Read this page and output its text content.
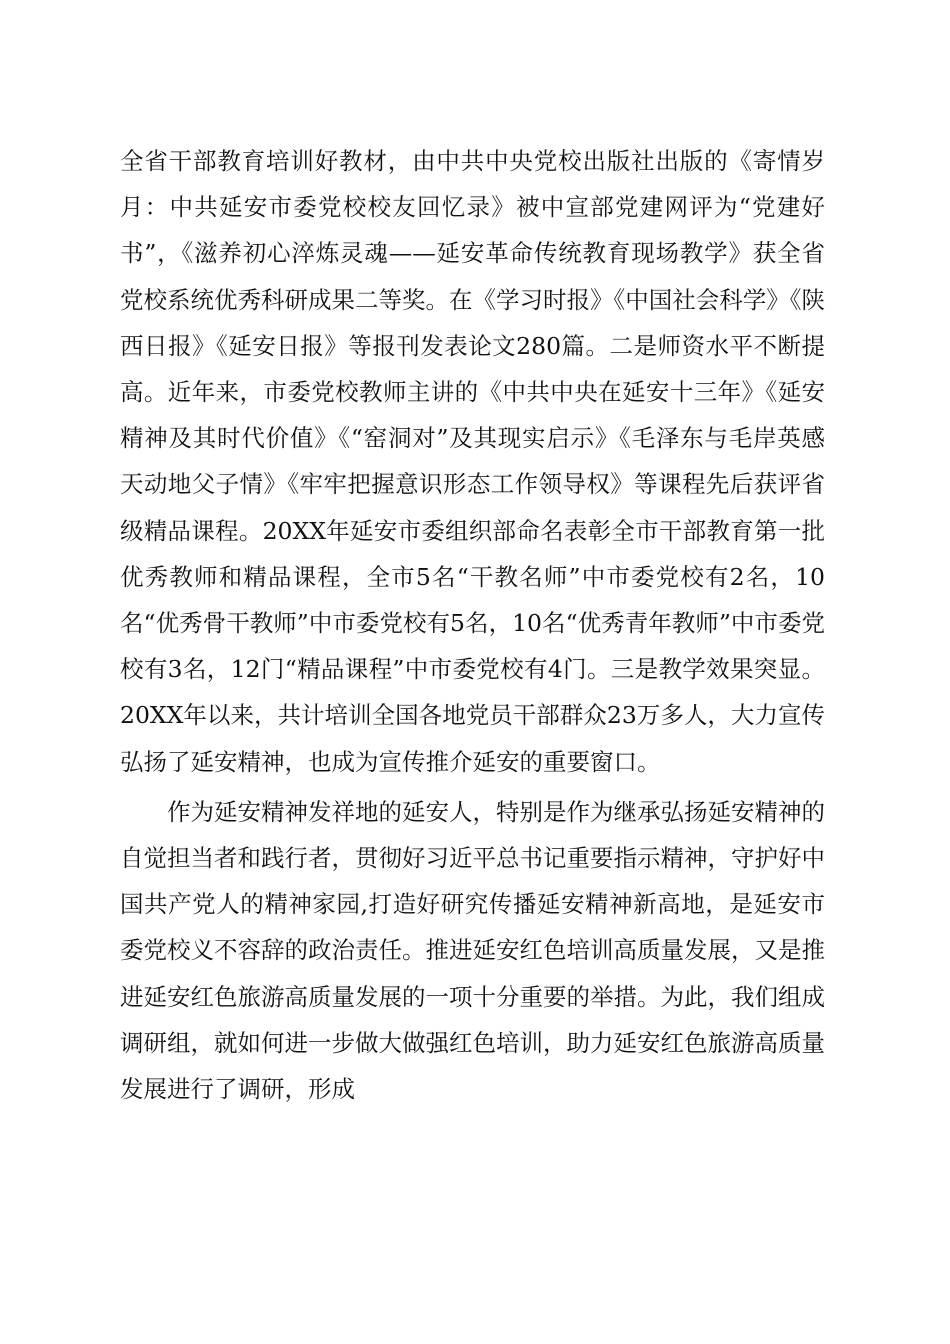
全省干部教育培训好教材，由中共中央党校出版社出版的《寄情岁月：中共延安市委党校校友回忆录》被中宣部党建网评为“党建好书”，《滋养初心淬炼灵魂——延安革命传统教育现场教学》获全省党校系统优秀科研成果二等奖。在《学习时报》《中国社会科学》《陕西日报》《延安日报》等报刊发表论文280篇。二是师资水平不断提高。近年来，市委党校教师主讲的《中共中央在延安十三年》《延安精神及其时代价值》《“窑洞对”及其现实启示》《毛泽东与毛岸英感天动地父子情》《牢牢把握意识形态工作领导权》等课程先后获评省级精品课程。20XX年延安市委组织部命名表彰全市干部教育第一批优秀教师和精品课程，全市5名“干教名师”中市委党校有2名，10名“优秀骨干教师”中市委党校有5名，10名“优秀青年教师”中市委党校有3名，12门“精品课程”中市委党校有4门。三是教学效果突显。20XX年以来，共计培训全国各地党员干部群众23万多人，大力宣传弘扬了延安精神，也成为宣传推介延安的重要窗口。

作为延安精神发祥地的延安人，特别是作为继承弘扬延安精神的自觉担当者和践行者，贯彻好习近平总书记重要指示精神，守护好中国共产党人的精神家园,打造好研究传播延安精神新高地，是延安市委党校义不容辞的政治责任。推进延安红色培训高质量发展，又是推进延安红色旅游高质量发展的一项十分重要的举措。为此，我们组成调研组，就如何进一步做大做强红色培训，助力延安红色旅游高质量发展进行了调研，形成
